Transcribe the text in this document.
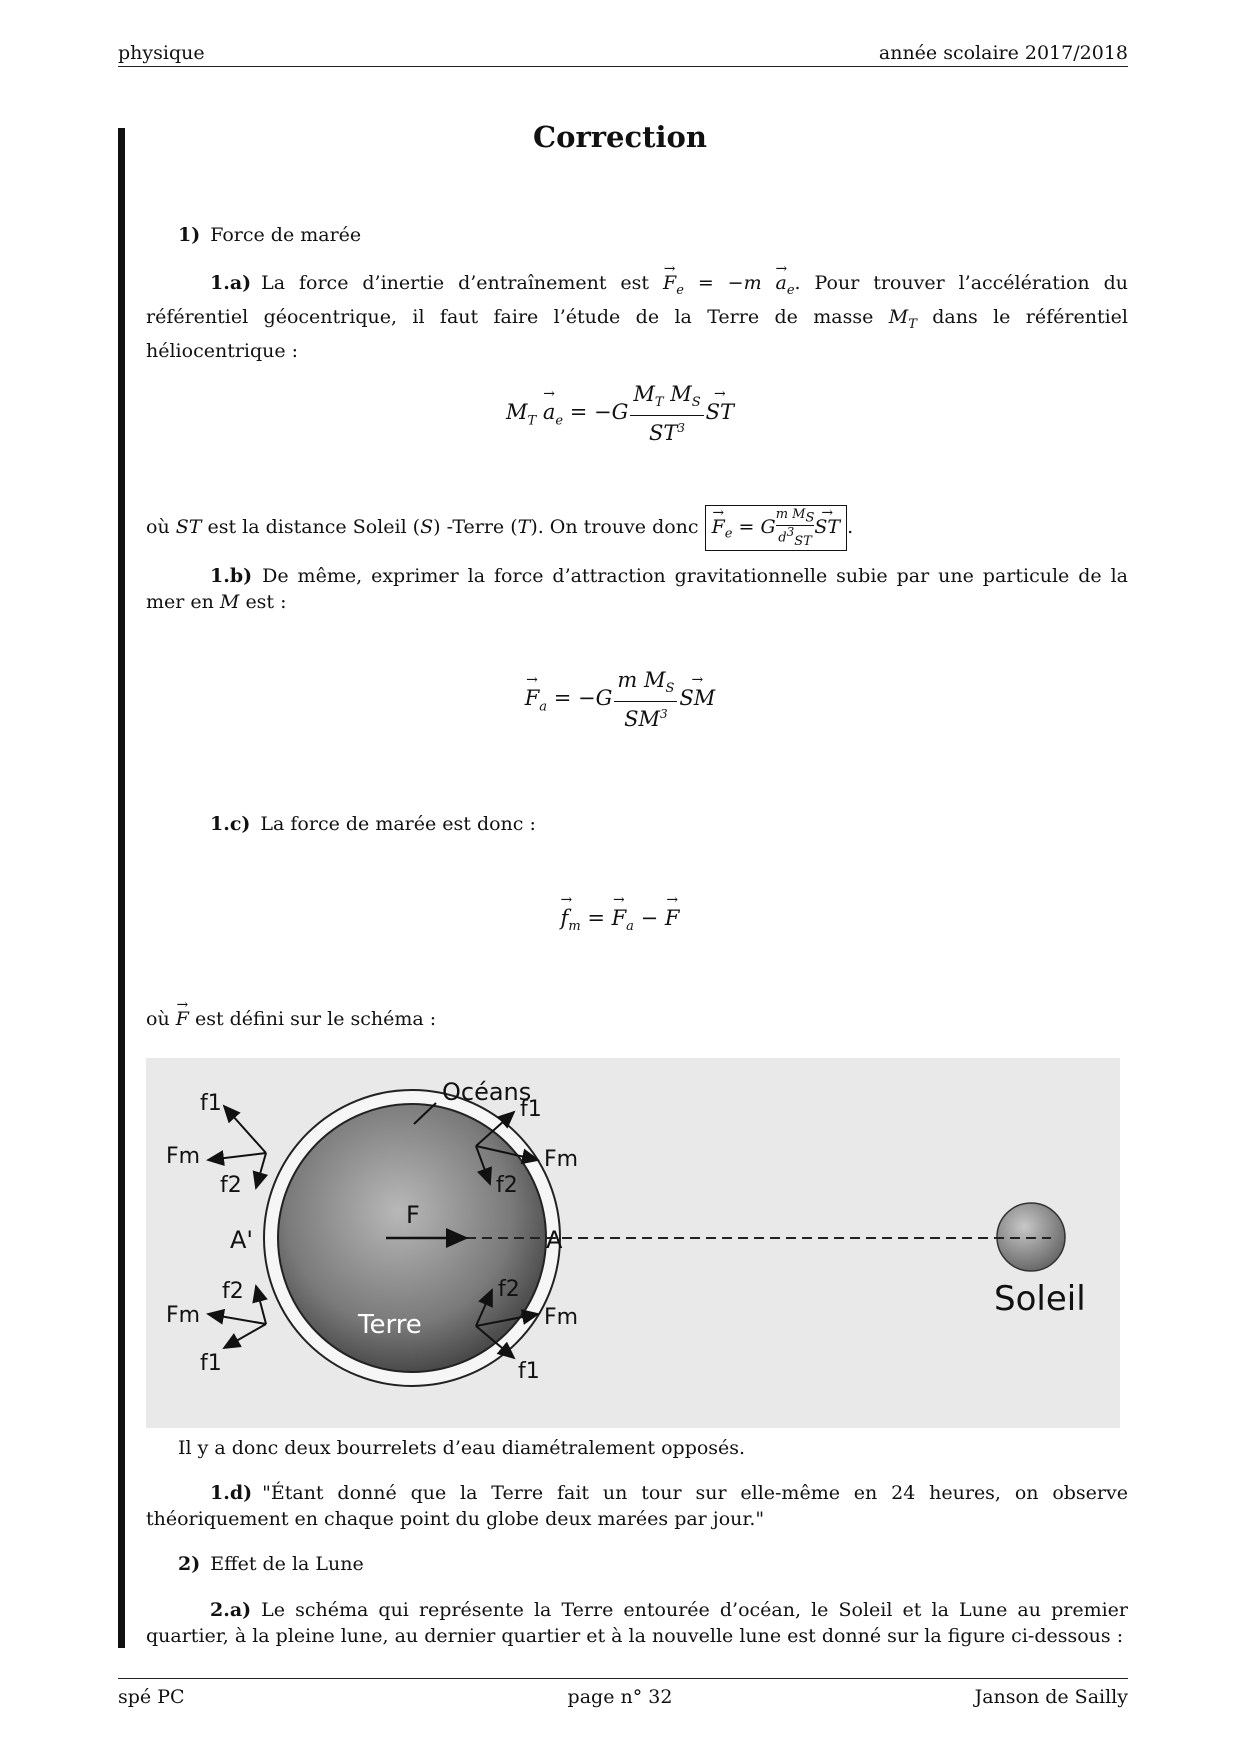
physique	année scolaire 2017/2018
Correction
1) Force de marée
1.a) La force d’inertie d’entraînement est → $F_e = -m \to a_e$. Pour trouver l’accélération du référentiel géocentrique, il faut faire l’étude de la Terre de masse $M_T$ dans le référentiel héliocentrique :
$M_T \to a_e = -G \frac{M_T M_S}{ST^3}$ → ST
où ST est la distance Soleil (S) -Terre (T). On trouve donc → $F_e = G \frac{m M_S}{d^3_{ST}}$ → ST .
1.b) De même, exprimer la force d’attraction gravitationnelle subie par une particule de la mer en M est :
→ $F_a = -G \frac{m M_S}{SM^3}$ → SM
1.c) La force de marée est donc :
→ $f_m$ = → $F_a$ − → F
où → F est défini sur le schéma :
F
A
A'
Océans
Terre
Soleil
f1
Fm
f2
f2
Fm
f1
f1
Fm
f2
f2
Fm
f1
Il y a donc deux bourrelets d’eau diamétralement opposés.
1.d) "Étant donné que la Terre fait un tour sur elle-même en 24 heures, on observe théoriquement en chaque point du globe deux marées par jour."
2) Effet de la Lune
2.a) Le schéma qui représente la Terre entourée d’océan, le Soleil et la Lune au premier quartier, à la pleine lune, au dernier quartier et à la nouvelle lune est donné sur la figure ci-dessous :
spé PC	page n° 32	Janson de Sailly
